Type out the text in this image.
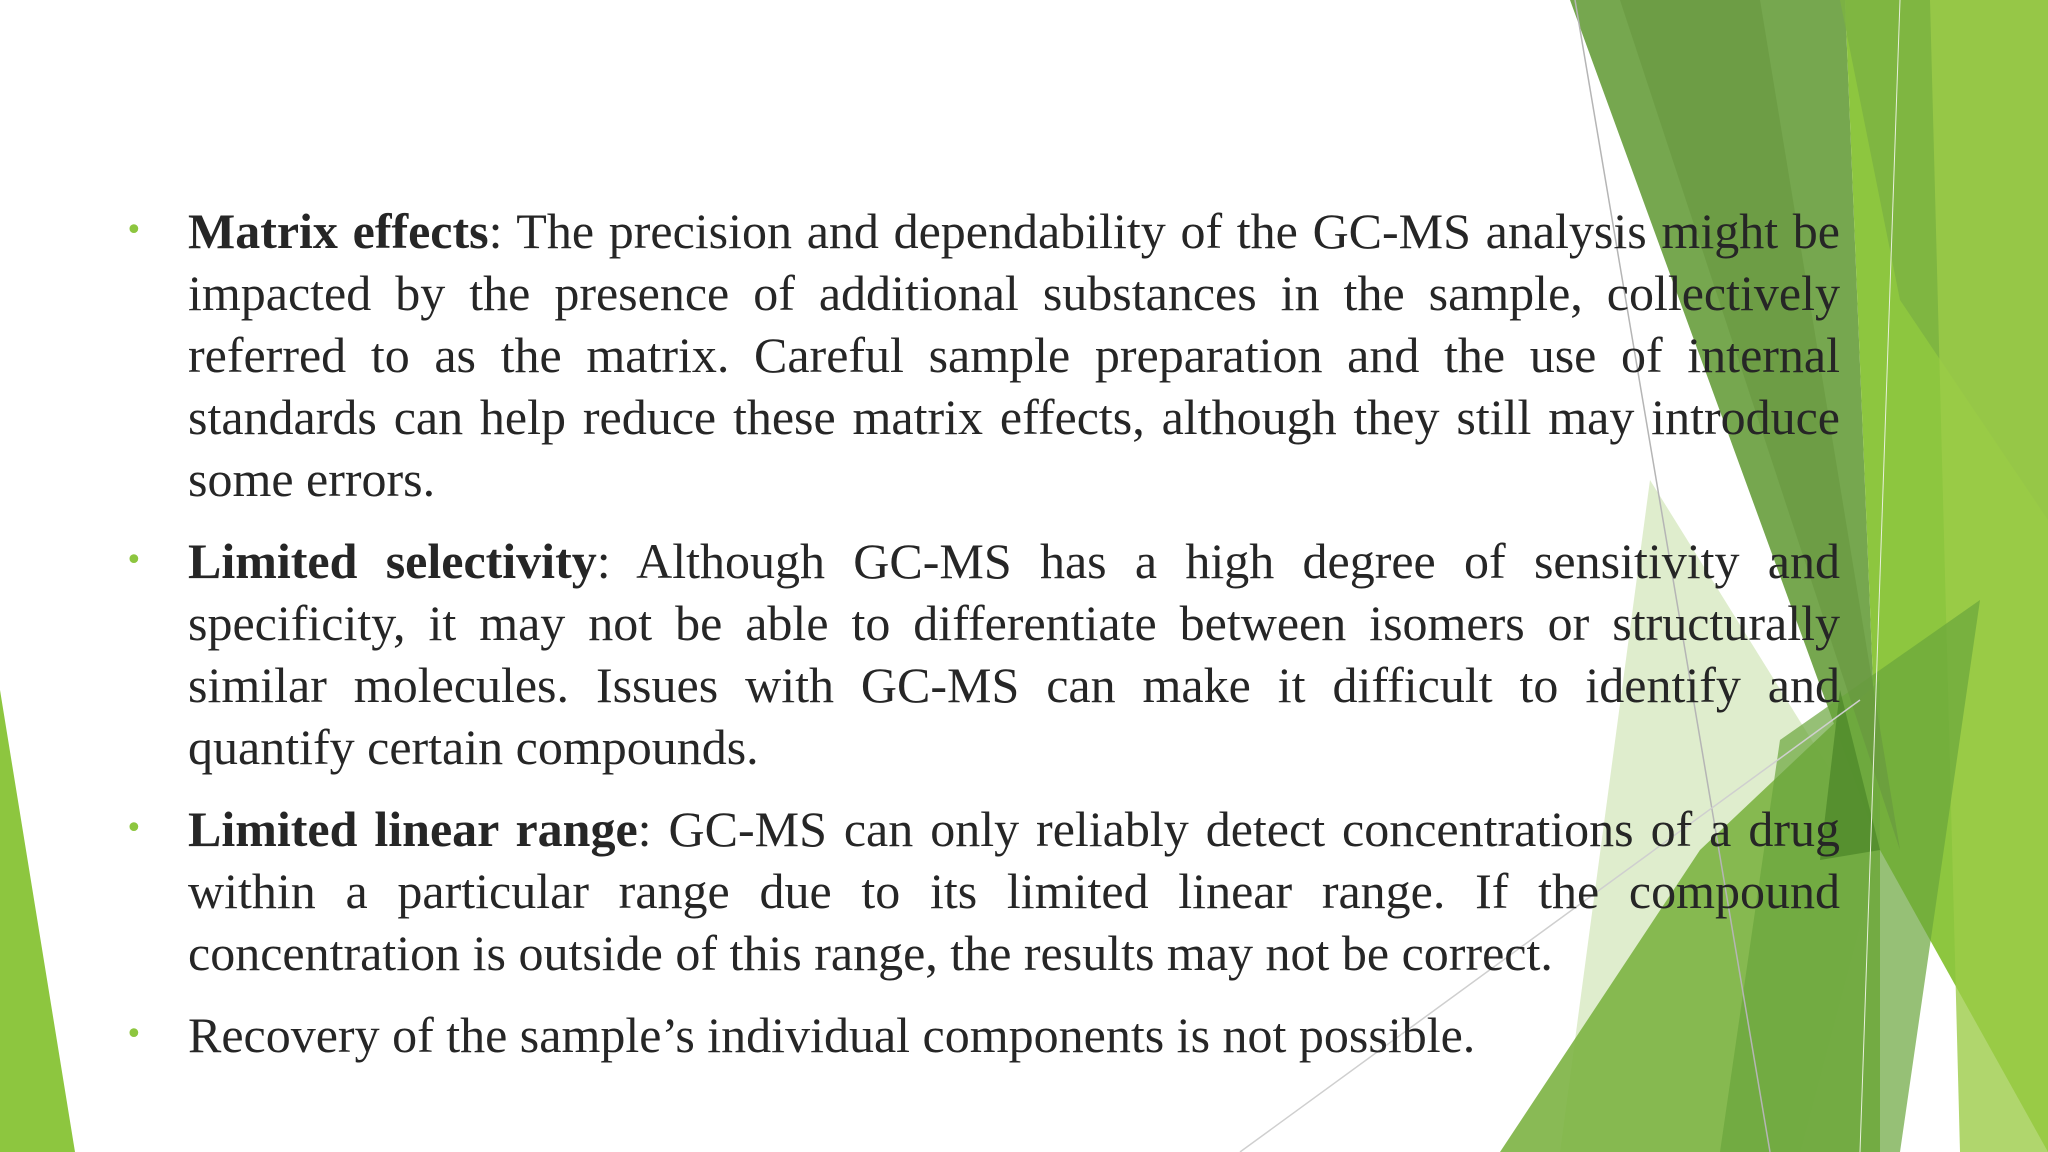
• Matrix effects: The precision and dependability of the GC-MS analysis might be impacted by the presence of additional substances in the sample, collectively referred to as the matrix. Careful sample preparation and the use of internal standards can help reduce these matrix effects, although they still may introduce some errors.
• Limited selectivity: Although GC-MS has a high degree of sensitivity and specificity, it may not be able to differentiate between isomers or structurally similar molecules. Issues with GC-MS can make it difficult to identify and quantify certain compounds.
• Limited linear range: GC-MS can only reliably detect concentrations of a drug within a particular range due to its limited linear range. If the compound concentration is outside of this range, the results may not be correct.
• Recovery of the sample’s individual components is not possible.
